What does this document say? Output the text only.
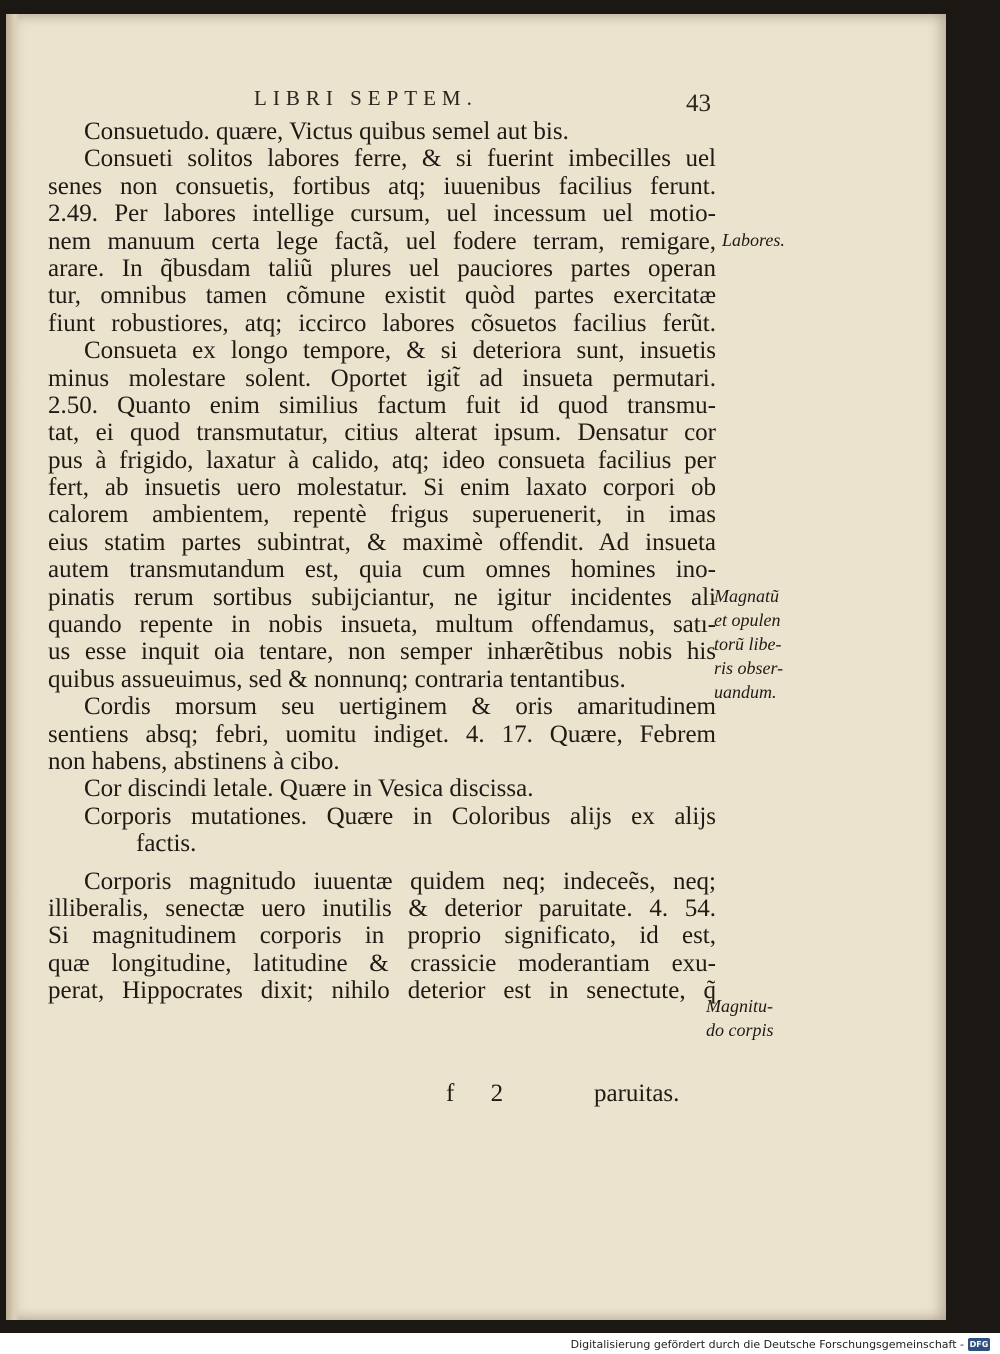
LIBRI SEPTEM.	43
Consuetudo. quære, Victus quibus semel aut bis.
Consueti solitos labores ferre, & si fuerint imbecilles uel
senes non consuetis, fortibus atq; iuuenibus facilius ferunt.
2.49. Per labores intellige cursum, uel incessum uel motio-
nem manuum certa lege factã, uel fodere terram, remigare,
arare. In q̃busdam taliũ plures uel pauciores partes operan
tur, omnibus tamen cõmune existit quòd partes exercitatæ
fiunt robustiores, atq; iccirco labores cõsuetos facilius ferũt.
Consueta ex longo tempore, & si deteriora sunt, insuetis
minus molestare solent. Oportet igit̃ ad insueta permutari.
2.50. Quanto enim similius factum fuit id quod transmu-
tat, ei quod transmutatur, citius alterat ipsum. Densatur cor
pus à frigido, laxatur à calido, atq; ideo consueta facilius per
fert, ab insuetis uero molestatur. Si enim laxato corpori ob
calorem ambientem, repentè frigus superuenerit, in imas
eius statim partes subintrat, & maximè offendit. Ad insueta
autem transmutandum est, quia cum omnes homines ino-
pinatis rerum sortibus subijciantur, ne igitur incidentes ali
quando repente in nobis insueta, multum offendamus, satı-
us esse inquit oia tentare, non semper inhærẽtibus nobis his
quibus assueuimus, sed & nonnunq; contraria tentantibus.
Cordis morsum seu uertiginem & oris amaritudinem
sentiens absq; febri, uomitu indiget. 4. 17. Quære, Febrem
non habens, abstinens à cibo.
Cor discindi letale. Quære in Vesica discissa.
Corporis mutationes. Quære in Coloribus alijs ex alijs
factis.
Corporis magnitudo iuuentæ quidem neq; indeceẽs, neq;
illiberalis, senectæ uero inutilis & deterior paruitate. 4. 54.
Si magnitudinem corporis in proprio significato, id est,
quæ longitudine, latitudine & crassicie moderantiam exu-
perat, Hippocrates dixit; nihilo deterior est in senectute, q̃
Labores.
Magnatũ
et opulen
torũ libe-
ris obser-
uandum.
Magnitu-
do corpis
f 2	paruitas.
Digitalisierung gefördert durch die Deutsche Forschungsgemeinschaft - DFG
